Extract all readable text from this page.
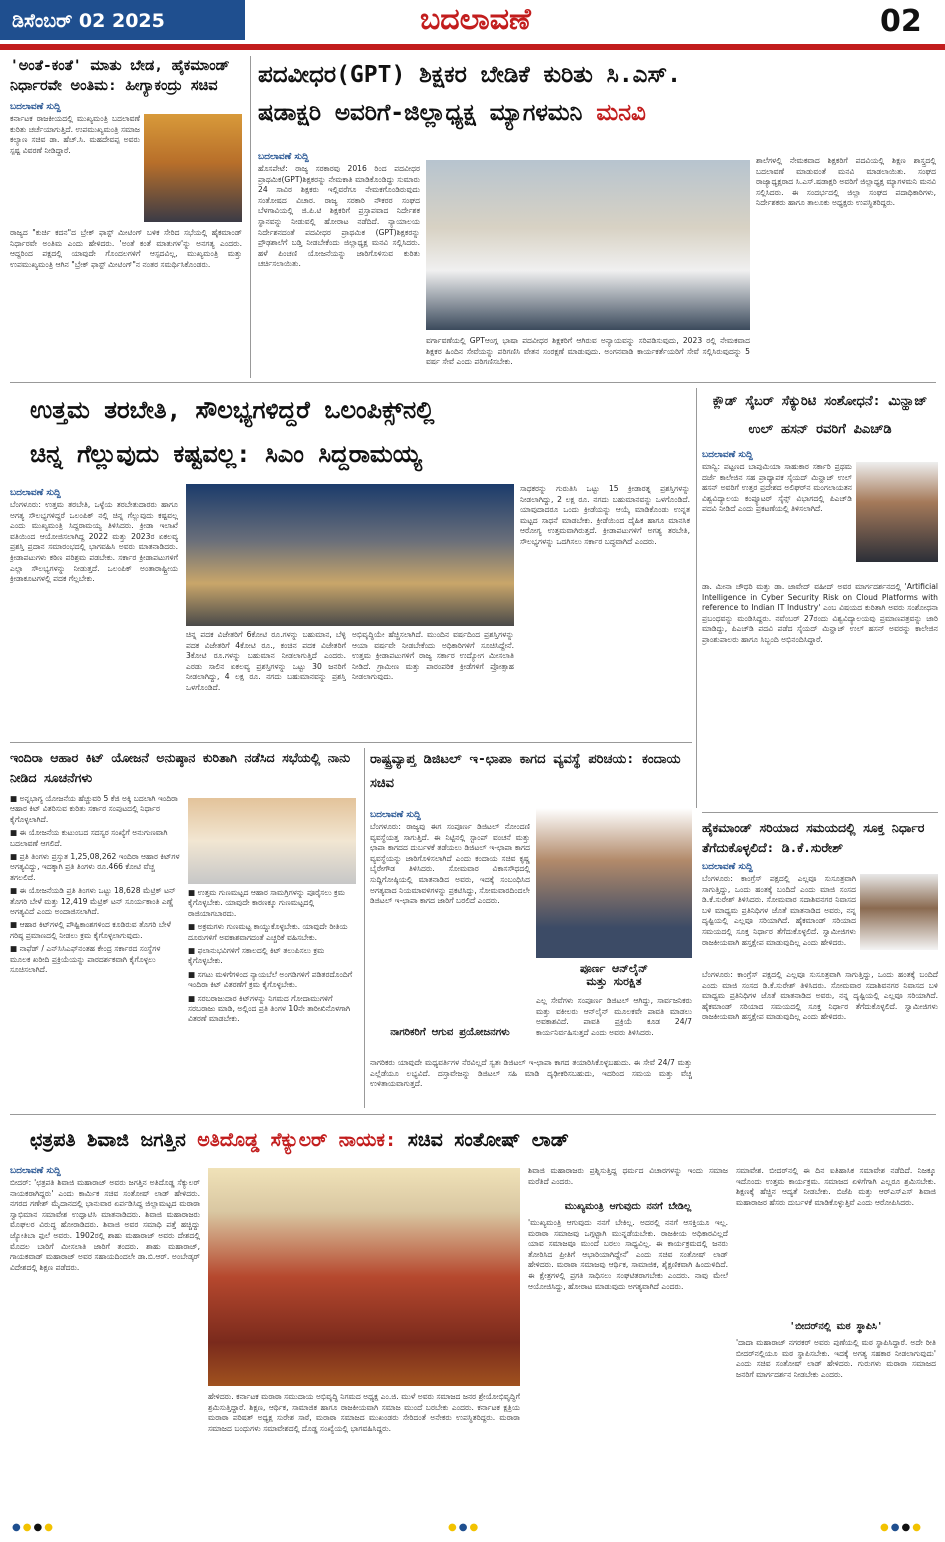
ಡಿಸೆಂಬರ್ 02 2025	ಬದಲಾವಣೆ	02
'ಅಂತೆ-ಕಂತೆ' ಮಾತು ಬೇಡ, ಹೈಕಮಾಂಡ್ ನಿರ್ಧಾರವೇ ಅಂತಿಮ: ಹೀಗ್ಯಾಕಂದ್ರು ಸಚಿವ
ಬದಲಾವಣೆ ಸುದ್ದಿ
ಕರ್ನಾಟಕ ರಾಜಕೀಯದಲ್ಲಿ ಮುಖ್ಯಮಂತ್ರಿ ಬದಲಾವಣೆ ಕುರಿತು ಚರ್ಚೆಯಾಗುತ್ತಿದೆ. ಉಪಮುಖ್ಯಮಂತ್ರಿ ಸಮಾಜ ಕಲ್ಯಾಣ ಸಚಿವ ಡಾ. ಹೆಚ್.ಸಿ. ಮಹದೇವಪ್ಪ ಅವರು ಸ್ಪಷ್ಟ ವಿವರಣೆ ನೀಡಿದ್ದಾರೆ.
ರಾಜ್ಯದ "ಕುರ್ಚಿ ಕದನ"ದ ಬ್ರೇಕ್ ಫಾಸ್ಟ್ ಮೀಟಿಂಗ್ ಬಳಿಕ ಸೇರಿದ ಸಭೆಯಲ್ಲಿ ಹೈಕಮಾಂಡ್ ನಿರ್ಧಾರವೇ ಅಂತಿಮ ಎಂದು ಹೇಳಿದರು. 'ಅಂತೆ ಕಂತೆ ಮಾತುಗಳ'ನ್ನು ಅನಗತ್ಯ ಎಂದರು. ಆದ್ದರಿಂದ ಪಕ್ಷದಲ್ಲಿ ಯಾವುದೇ ಗೊಂದಲಗಳಿಗೆ ಆಸ್ಪದವಿಲ್ಲ, ಮುಖ್ಯಮಂತ್ರಿ ಮತ್ತು ಉಪಮುಖ್ಯಮಂತ್ರಿ ಆಗಿನ "ಬ್ರೇಕ್ ಫಾಸ್ಟ್ ಮೀಟಿಂಗ್"ನ ನಂತರ ಸಮರ್ಥಿಸಿಕೊಂಡರು.
ಪದವೀಧರ(GPT) ಶಿಕ್ಷಕರ ಬೇಡಿಕೆ ಕುರಿತು ಸಿ.ಎಸ್.
ಷಡಾಕ್ಷರಿ ಅವರಿಗೆ-ಜಿಲ್ಲಾಧ್ಯಕ್ಷ ಮ್ಯಾಗಳಮನಿ ಮನವಿ
ಬದಲಾವಣೆ ಸುದ್ದಿ
ಹೊಸಪೇಟೆ: ರಾಜ್ಯ ಸರಕಾರವು 2016 ರಿಂದ ಪದವೀಧರ ಪ್ರಾಥಮಿಕ(GPT)ಶಿಕ್ಷಕರನ್ನು ನೇಮಕಾತಿ ಮಾಡಿಕೊಂಡಿದ್ದು ಸುಮಾರು 24 ಸಾವಿರ ಶಿಕ್ಷಕರು ಇಲ್ಲಿವರೆಗೂ ನೇಮಕಗೊಂಡಿರುವುದು ಸಂತೋಷದ ವಿಚಾರ. ರಾಜ್ಯ ಸರಕಾರಿ ನೌಕರರ ಸಂಘದ ಬೆಳಗಾವಿಯಲ್ಲಿ ಜಿ.ಪಿ.ಟಿ ಶಿಕ್ಷಕರಿಗೆ ಪ್ರಸ್ತಾಪವಾದ ನಿರ್ದೇಶಕ ಸ್ಥಾನವನ್ನು ನೀಡುವಲ್ಲಿ ಹೋರಾಟ ನಡೆದಿದೆ. ನ್ಯಾಯಾಲಯ ನಿರ್ದೇಶನದಂತೆ ಪದವೀಧರ ಪ್ರಾಥಮಿಕ (GPT)ಶಿಕ್ಷಕರನ್ನು ಪ್ರೌಢಶಾಲೆಗೆ ಬಡ್ತಿ ನೀಡಬೇಕೆಂದು ಜಿಲ್ಲಾಧ್ಯಕ್ಷ ಮನವಿ ಸಲ್ಲಿಸಿದರು. ಹಳೆ ಪಿಂಚಣಿ ಯೋಜನೆಯನ್ನು ಜಾರಿಗೊಳಿಸುವ ಕುರಿತು ಚರ್ಚಿಸಲಾಯಿತು.
ವರ್ಗಾವಣೆಯಲ್ಲಿ GPTಆಂಗ್ಲ ಭಾಷಾ ಪದವೀಧರ ಶಿಕ್ಷಕರಿಗೆ ಆಗಿರುವ ಅನ್ಯಾಯವನ್ನು ಸರಿಪಡಿಸುವುದು, 2023 ರಲ್ಲಿ ನೇಮಕವಾದ ಶಿಕ್ಷಕರ ಹಿಂದಿನ ಸೇವೆಯನ್ನು ಪರಿಗಣಿಸಿ ವೇತನ ಸಂರಕ್ಷಣೆ ಮಾಡುವುದು. ಅಂಗನವಾಡಿ ಕಾರ್ಯಕರ್ತೆಯರಿಗೆ ಸೇವೆ ಸಲ್ಲಿಸಿರುವುದನ್ನು 5 ವರ್ಷ ಸೇವೆ ಎಂದು ಪರಿಗಣಿಸಬೇಕು.
ಶಾಲೆಗಳಲ್ಲಿ ನೇಮಕವಾದ ಶಿಕ್ಷಕರಿಗೆ ಪದವಿಯಲ್ಲಿ ಶಿಕ್ಷಣ ಶಾಸ್ತ್ರದಲ್ಲಿ ಬದಲಾವಣೆ ಮಾಡುವಂತೆ ಮನವಿ ಮಾಡಲಾಯಿತು. ಸಂಘದ ರಾಜ್ಯಾಧ್ಯಕ್ಷರಾದ ಸಿ.ಎಸ್.ಷಡಾಕ್ಷರಿ ಅವರಿಗೆ ಜಿಲ್ಲಾಧ್ಯಕ್ಷ ಮ್ಯಾಗಳಮನಿ ಮನವಿ ಸಲ್ಲಿಸಿದರು. ಈ ಸಂದರ್ಭದಲ್ಲಿ ಜಿಲ್ಲಾ ಸಂಘದ ಪದಾಧಿಕಾರಿಗಳು, ನಿರ್ದೇಶಕರು ಹಾಗೂ ತಾಲೂಕು ಅಧ್ಯಕ್ಷರು ಉಪಸ್ಥಿತರಿದ್ದರು.
ಉತ್ತಮ ತರಬೇತಿ, ಸೌಲಭ್ಯಗಳಿದ್ದರೆ ಒಲಂಪಿಕ್ಸ್‌ನಲ್ಲಿ
ಚಿನ್ನ ಗೆಲ್ಲುವುದು ಕಷ್ಟವಲ್ಲ: ಸಿಎಂ ಸಿದ್ದರಾಮಯ್ಯ
ಬದಲಾವಣೆ ಸುದ್ದಿ
ಬೆಂಗಳೂರು: ಉತ್ತಮ ತರಬೇತಿ, ಒಳ್ಳೆಯ ತರಬೇತುದಾರರು ಹಾಗೂ ಅಗತ್ಯ ಸೌಲಭ್ಯಗಳಿದ್ದರೆ ಒಲಂಪಿಕ್ ನಲ್ಲಿ ಚಿನ್ನ ಗೆಲ್ಲುವುದು ಕಷ್ಟವಲ್ಲ ಎಂದು ಮುಖ್ಯಮಂತ್ರಿ ಸಿದ್ದರಾಮಯ್ಯ ತಿಳಿಸಿದರು. ಕ್ರೀಡಾ ಇಲಾಖೆ ವತಿಯಿಂದ ಆಯೋಜಿಸಲಾಗಿದ್ದ 2022 ಮತ್ತು 2023ರ ಏಕಲವ್ಯ ಪ್ರಶಸ್ತಿ ಪ್ರದಾನ ಸಮಾರಂಭದಲ್ಲಿ ಭಾಗವಹಿಸಿ ಅವರು ಮಾತನಾಡಿದರು. ಕ್ರೀಡಾಪಟುಗಳು ಕಠಿಣ ಪರಿಶ್ರಮ ಪಡಬೇಕು. ಸರ್ಕಾರ ಕ್ರೀಡಾಪಟುಗಳಿಗೆ ಎಲ್ಲಾ ಸೌಲಭ್ಯಗಳನ್ನು ನೀಡುತ್ತದೆ. ಒಲಂಪಿಕ್ ಅಂತಾರಾಷ್ಟ್ರೀಯ ಕ್ರೀಡಾಕೂಟಗಳಲ್ಲಿ ಪದಕ ಗೆಲ್ಲಬೇಕು.
ಚಿನ್ನ ಪದಕ ವಿಜೇತರಿಗೆ 6ಕೋಟಿ ರೂ.ಗಳನ್ನು ಬಹುಮಾನ, ಬೆಳ್ಳಿ ಪದಕ ವಿಜೇತರಿಗೆ 4ಕೋಟಿ ರೂ., ಕಂಚಿನ ಪದಕ ವಿಜೇತರಿಗೆ 3ಕೋಟಿ ರೂ.ಗಳನ್ನು ಬಹುಮಾನ ನೀಡಲಾಗುತ್ತಿದೆ ಎಂದರು. ಎರಡು ಸಾಲಿನ ಏಕಲವ್ಯ ಪ್ರಶಸ್ತಿಗಳನ್ನು ಒಟ್ಟು 30 ಜನರಿಗೆ ನೀಡಲಾಗಿದ್ದು, 4 ಲಕ್ಷ ರೂ. ನಗದು ಬಹುಮಾನವನ್ನು ಪ್ರಶಸ್ತಿ ಒಳಗೊಂಡಿದೆ.
ಅಭಿವೃದ್ಧಿಯೇ ಹೆಚ್ಚಿಸಲಾಗಿದೆ. ಮುಂದಿನ ವರ್ಷದಿಂದ ಪ್ರಶಸ್ತಿಗಳನ್ನು ಆಯಾ ವರ್ಷವೇ ನೀಡಬೇಕೆಂದು ಅಧಿಕಾರಿಗಳಿಗೆ ಸೂಚಿಸಿದ್ದೇನೆ. ಉತ್ತಮ ಕ್ರೀಡಾಪಟುಗಳಿಗೆ ರಾಜ್ಯ ಸರ್ಕಾರ ಉದ್ಯೋಗ ಮೀಸಲಾತಿ ನೀಡಿದೆ. ಗ್ರಾಮೀಣ ಮತ್ತು ಪಾರಂಪರಿಕ ಕ್ರೀಡೆಗಳಿಗೆ ಪ್ರೋತ್ಸಾಹ ನೀಡಲಾಗುವುದು.
ಸಾಧಕರನ್ನು ಗುರುತಿಸಿ ಒಟ್ಟು 15 ಕ್ರೀಡಾರತ್ನ ಪ್ರಶಸ್ತಿಗಳನ್ನು ನೀಡಲಾಗಿದ್ದು, 2 ಲಕ್ಷ ರೂ. ನಗದು ಬಹುಮಾನವನ್ನು ಒಳಗೊಂಡಿದೆ. ಯಾವುದಾದರೂ ಒಂದು ಕ್ರೀಡೆಯನ್ನು ಆಯ್ಕೆ ಮಾಡಿಕೊಂಡು ಉನ್ನತ ಮಟ್ಟದ ಸಾಧನೆ ಮಾಡಬೇಕು. ಕ್ರೀಡೆಯಿಂದ ದೈಹಿಕ ಹಾಗೂ ಮಾನಸಿಕ ಆರೋಗ್ಯ ಉತ್ತಮವಾಗಿರುತ್ತದೆ. ಕ್ರೀಡಾಪಟುಗಳಿಗೆ ಅಗತ್ಯ ತರಬೇತಿ, ಸೌಲಭ್ಯಗಳನ್ನು ಒದಗಿಸಲು ಸರ್ಕಾರ ಬದ್ಧವಾಗಿದೆ ಎಂದರು.
ಕ್ಲೌಡ್ ಸೈಬರ್ ಸೆಕ್ಯುರಿಟಿ ಸಂಶೋಧನೆ: ಮಿನ್ಹಾಜ್ ಉಲ್ ಹಸನ್ ರವರಿಗೆ ಪಿಎಚ್‌ಡಿ
ಬದಲಾವಣೆ ಸುದ್ದಿ
ಮಾನ್ವಿ: ಪಟ್ಟಣದ ಬಾಪುಮಿಯಾ ಸಾಹುಕಾರ ಸರ್ಕಾರಿ ಪ್ರಥಮ ದರ್ಜೆ ಕಾಲೇಜಿನ ಸಹ ಪ್ರಾಧ್ಯಾಪಕ ಸೈಯದ್ ಮಿನ್ಹಾಜ್ ಉಲ್ ಹಸನ್ ಅವರಿಗೆ ಉತ್ತರ ಪ್ರದೇಶದ ಅಲಿಘರ್‌ನ ಮಂಗಲಾಯತನ ವಿಶ್ವವಿದ್ಯಾಲಯ ಕಂಪ್ಯೂಟರ್ ಸೈನ್ಸ್ ವಿಭಾಗದಲ್ಲಿ ಪಿಎಚ್‌ಡಿ ಪದವಿ ನೀಡಿದೆ ಎಂದು ಪ್ರಕಟಣೆಯಲ್ಲಿ ತಿಳಿಸಲಾಗಿದೆ.
ಡಾ. ಮೀನಾ ಚೌಧರಿ ಮತ್ತು ಡಾ. ಜಾವೇದ್ ವಹೀದ್ ಅವರ ಮಾರ್ಗದರ್ಶನದಲ್ಲಿ 'Artificial Intelligence in Cyber Security Risk on Cloud Platforms with reference to Indian IT Industry' ಎಂಬ ವಿಷಯದ ಕುರಿತಾಗಿ ಅವರು ಸಂಶೋಧನಾ ಪ್ರಬಂಧವನ್ನು ಮಂಡಿಸಿದ್ದರು. ನವೆಂಬರ್ 27ರಂದು ವಿಶ್ವವಿದ್ಯಾಲಯವು ಪ್ರಮಾಣಪತ್ರವನ್ನು ಜಾರಿ ಮಾಡಿದ್ದು, ಪಿಎಚ್‌ಡಿ ಪದವಿ ಪಡೆದ ಸೈಯದ್ ಮಿನ್ಹಾಜ್ ಉಲ್ ಹಸನ್ ಅವರನ್ನು ಕಾಲೇಜಿನ ಪ್ರಾಂಶುಪಾಲರು ಹಾಗೂ ಸಿಬ್ಬಂದಿ ಅಭಿನಂದಿಸಿದ್ದಾರೆ.
ಇಂದಿರಾ ಆಹಾರ ಕಿಟ್ ಯೋಜನೆ ಅನುಷ್ಠಾನ ಕುರಿತಾಗಿ ನಡೆಸಿದ ಸಭೆಯಲ್ಲಿ ನಾನು ನೀಡಿದ ಸೂಚನೆಗಳು
■ ಅನ್ನಭಾಗ್ಯ ಯೋಜನೆಯ ಹೆಚ್ಚುವರಿ 5 ಕೆಜಿ ಅಕ್ಕಿ ಬದಲಾಗಿ ಇಂದಿರಾ ಆಹಾರ ಕಿಟ್ ವಿತರಿಸುವ ಕುರಿತು ಸರ್ಕಾರ ಸಂಪುಟದಲ್ಲಿ ನಿರ್ಧಾರ ಕೈಗೊಳ್ಳಲಾಗಿದೆ.
■ ಈ ಯೋಜನೆಯ ಕುಟುಂಬದ ಸದಸ್ಯರ ಸಂಖ್ಯೆಗೆ ಅನುಗುಣವಾಗಿ ಬದಲಾವಣೆ ಆಗಲಿದೆ.
■ ಪ್ರತಿ ತಿಂಗಳು ಪ್ರಸ್ತುತ 1,25,08,262 ಇಂದಿರಾ ಆಹಾರ ಕಿಟ್‌ಗಳ ಅಗತ್ಯವಿದ್ದು, ಇದಕ್ಕಾಗಿ ಪ್ರತಿ ತಿಂಗಳು ರೂ.466 ಕೋಟಿ ವೆಚ್ಚ ತಗಲಲಿದೆ.
■ ಈ ಯೋಜನೆಯಡಿ ಪ್ರತಿ ತಿಂಗಳು ಒಟ್ಟು 18,628 ಮೆಟ್ರಿಕ್ ಟನ್ ತೊಗರಿ ಬೇಳೆ ಮತ್ತು 12,419 ಮೆಟ್ರಿಕ್ ಟನ್ ಸೂರ್ಯಕಾಂತಿ ಎಣ್ಣೆ ಅಗತ್ಯವಿದೆ ಎಂದು ಅಂದಾಜಿಸಲಾಗಿದೆ.
■ ಆಹಾರ ಕಿಟ್‌ಗಳಲ್ಲಿ ಪೌಷ್ಟಿಕಾಂಶಗಳಿಂದ ಕೂಡಿರುವ ತೊಗರಿ ಬೇಳೆ ಗರಿಷ್ಠ ಪ್ರಮಾಣದಲ್ಲಿ ನೀಡಲು ಕ್ರಮ ಕೈಗೊಳ್ಳಲಾಗುವುದು.
■ ನಾಫೆಡ್ / ಎನ್‌ಸಿಸಿಎಫ್‌ನಂತಹ ಕೇಂದ್ರ ಸರ್ಕಾರದ ಸಂಸ್ಥೆಗಳ ಮೂಲಕ ಖರೀದಿ ಪ್ರಕ್ರಿಯೆಯನ್ನು ಪಾರದರ್ಶಕವಾಗಿ ಕೈಗೊಳ್ಳಲು ಸೂಚಿಸಲಾಗಿದೆ.
■ ಉತ್ತಮ ಗುಣಮಟ್ಟದ ಆಹಾರ ಸಾಮಗ್ರಿಗಳನ್ನು ಪೂರೈಸಲು ಕ್ರಮ ಕೈಗೊಳ್ಳಬೇಕು. ಯಾವುದೇ ಕಾರಣಕ್ಕೂ ಗುಣಮಟ್ಟದಲ್ಲಿ ರಾಜಿಯಾಗಬಾರದು.
■ ಅಕ್ರಮಗಳು ಗುಣಮಟ್ಟ ಕಾಯ್ದುಕೊಳ್ಳಬೇಕು. ಯಾವುದೇ ರೀತಿಯ ದೂರುಗಳಿಗೆ ಅವಕಾಶವಾಗದಂತೆ ಎಚ್ಚರಿಕೆ ವಹಿಸಬೇಕು.
■ ಫಲಾನುಭವಿಗಳಿಗೆ ಸಕಾಲದಲ್ಲಿ ಕಿಟ್ ತಲುಪಿಸಲು ಕ್ರಮ ಕೈಗೊಳ್ಳಬೇಕು.
■ ಸಗಟು ಮಳಿಗೆಗಳಿಂದ ನ್ಯಾಯಬೆಲೆ ಅಂಗಡಿಗಳಿಗೆ ಪಡಿತರದೊಂದಿಗೆ ಇಂದಿರಾ ಕಿಟ್ ವಿತರಣೆಗೆ ಕ್ರಮ ಕೈಗೊಳ್ಳಬೇಕು.
■ ಸರಬರಾಜುದಾರ ಕಿಟ್‌ಗಳನ್ನು ನಿಗಮದ ಗೋದಾಮುಗಳಿಗೆ ಸರಬರಾಜು ಮಾಡಿ, ಅಲ್ಲಿಂದ ಪ್ರತಿ ತಿಂಗಳ 10ನೇ ತಾರೀಖಿನೊಳಗಾಗಿ ವಿತರಣೆ ಮಾಡಬೇಕು.
ರಾಷ್ಟ್ರವ್ಯಾಪ್ತ ಡಿಜಿಟಲ್ ಇ-ಛಾಪಾ ಕಾಗದ ವ್ಯವಸ್ಥೆ ಪರಿಚಯ: ಕಂದಾಯ ಸಚಿವ
ಬದಲಾವಣೆ ಸುದ್ದಿ
ಬೆಂಗಳೂರು: ರಾಜ್ಯವು ಈಗ ಸಂಪೂರ್ಣ ಡಿಜಿಟಲ್ ನೋಂದಣಿ ವ್ಯವಸ್ಥೆಯತ್ತ ಸಾಗುತ್ತಿದೆ. ಈ ನಿಟ್ಟಿನಲ್ಲಿ ಸ್ಟಾಂಪ್ ವಂಚನೆ ಮತ್ತು ಛಾಪಾ ಕಾಗದದ ದುರ್ಬಳಕೆ ತಡೆಯಲು ಡಿಜಿಟಲ್ ಇ-ಛಾಪಾ ಕಾಗದ ವ್ಯವಸ್ಥೆಯನ್ನು ಜಾರಿಗೊಳಿಸಲಾಗಿದೆ ಎಂದು ಕಂದಾಯ ಸಚಿವ ಕೃಷ್ಣ ಬೈರೇಗೌಡ ತಿಳಿಸಿದರು. ಸೋಮವಾರ ವಿಕಾಸಸೌಧದಲ್ಲಿ ಸುದ್ದಿಗೋಷ್ಠಿಯಲ್ಲಿ ಮಾತನಾಡಿದ ಅವರು, ಇದಕ್ಕೆ ಸಂಬಂಧಿಸಿದ ಅಗತ್ಯವಾದ ನಿಯಮಾವಳಿಗಳನ್ನು ಪ್ರಕಟಿಸಿದ್ದು, ಸೋಮವಾರದಿಂದಲೇ ಡಿಜಿಟಲ್ ಇ-ಛಾಪಾ ಕಾಗದ ಜಾರಿಗೆ ಬರಲಿದೆ ಎಂದರು.
ಪೂರ್ಣ ಆನ್‌ಲೈನ್
ಮತ್ತು ಸುರಕ್ಷಿತ
ಎಲ್ಲ ಸೇವೆಗಳು ಸಂಪೂರ್ಣ ಡಿಜಿಟಲ್ ಆಗಿದ್ದು, ಸಾರ್ವಜನಿಕರು ಮತ್ತು ವಕೀಲರು ಆನ್‌ಲೈನ್ ಮೂಲಕವೇ ಪಾವತಿ ಮಾಡಲು ಅವಕಾಶವಿದೆ. ಪಾವತಿ ಪ್ರಕ್ರಿಯೆ ಕೂಡ 24/7 ಕಾರ್ಯನಿರ್ವಹಿಸುತ್ತದೆ ಎಂದು ಅವರು ತಿಳಿಸಿದರು.
ನಾಗರಿಕರಿಗೆ ಆಗುವ ಪ್ರಯೋಜನಗಳು
ನಾಗರಿಕರು ಯಾವುದೇ ಮಧ್ಯವರ್ತಿಗಳ ನೆರವಿಲ್ಲದೆ ಸ್ವತಃ ಡಿಜಿಟಲ್ ಇ-ಛಾಪಾ ಕಾಗದ ತಯಾರಿಸಿಕೊಳ್ಳಬಹುದು. ಈ ಸೇವೆ 24/7 ಮತ್ತು ಎಲ್ಲೆಡೆಯೂ ಲಭ್ಯವಿದೆ. ದಸ್ತಾವೇಜನ್ನು ಡಿಜಿಟಲ್ ಸಹಿ ಮಾಡಿ ದೃಢೀಕರಿಸಬಹುದು, ಇದರಿಂದ ಸಮಯ ಮತ್ತು ವೆಚ್ಚ ಉಳಿತಾಯವಾಗುತ್ತದೆ.
ಹೈಕಮಾಂಡ್ ಸರಿಯಾದ ಸಮಯದಲ್ಲಿ ಸೂಕ್ತ ನಿರ್ಧಾರ ತೆಗೆದುಕೊಳ್ಳಲಿದೆ: ಡಿ.ಕೆ.ಸುರೇಶ್
ಬದಲಾವಣೆ ಸುದ್ದಿ
ಬೆಂಗಳೂರು: ಕಾಂಗ್ರೆಸ್ ಪಕ್ಷದಲ್ಲಿ ಎಲ್ಲವೂ ಸುಸೂತ್ರವಾಗಿ ಸಾಗುತ್ತಿದ್ದು, ಒಂದು ಹಂತಕ್ಕೆ ಬಂದಿದೆ ಎಂದು ಮಾಜಿ ಸಂಸದ ಡಿ.ಕೆ.ಸುರೇಶ್ ತಿಳಿಸಿದರು. ಸೋಮವಾರ ಸದಾಶಿವನಗರ ನಿವಾಸದ ಬಳಿ ಮಾಧ್ಯಮ ಪ್ರತಿನಿಧಿಗಳ ಜೊತೆ ಮಾತನಾಡಿದ ಅವರು, ನನ್ನ ದೃಷ್ಟಿಯಲ್ಲಿ ಎಲ್ಲವೂ ಸರಿಯಾಗಿದೆ. ಹೈಕಮಾಂಡ್ ಸರಿಯಾದ ಸಮಯದಲ್ಲಿ ಸೂಕ್ತ ನಿರ್ಧಾರ ತೆಗೆದುಕೊಳ್ಳಲಿದೆ. ಸ್ವಾಮೀಜಿಗಳು ರಾಜಕೀಯವಾಗಿ ಹಸ್ತಕ್ಷೇಪ ಮಾಡುವುದಿಲ್ಲ ಎಂದು ಹೇಳಿದರು.
ಬೆಂಗಳೂರು: ಕಾಂಗ್ರೆಸ್ ಪಕ್ಷದಲ್ಲಿ ಎಲ್ಲವೂ ಸುಸೂತ್ರವಾಗಿ ಸಾಗುತ್ತಿದ್ದು, ಒಂದು ಹಂತಕ್ಕೆ ಬಂದಿದೆ ಎಂದು ಮಾಜಿ ಸಂಸದ ಡಿ.ಕೆ.ಸುರೇಶ್ ತಿಳಿಸಿದರು. ಸೋಮವಾರ ಸದಾಶಿವನಗರ ನಿವಾಸದ ಬಳಿ ಮಾಧ್ಯಮ ಪ್ರತಿನಿಧಿಗಳ ಜೊತೆ ಮಾತನಾಡಿದ ಅವರು, ನನ್ನ ದೃಷ್ಟಿಯಲ್ಲಿ ಎಲ್ಲವೂ ಸರಿಯಾಗಿದೆ. ಹೈಕಮಾಂಡ್ ಸರಿಯಾದ ಸಮಯದಲ್ಲಿ ಸೂಕ್ತ ನಿರ್ಧಾರ ತೆಗೆದುಕೊಳ್ಳಲಿದೆ. ಸ್ವಾಮೀಜಿಗಳು ರಾಜಕೀಯವಾಗಿ ಹಸ್ತಕ್ಷೇಪ ಮಾಡುವುದಿಲ್ಲ ಎಂದು ಹೇಳಿದರು.
ಛತ್ರಪತಿ ಶಿವಾಜಿ ಜಗತ್ತಿನ ಅತಿದೊಡ್ಡ ಸೆಕ್ಯುಲರ್ ನಾಯಕ: ಸಚಿವ ಸಂತೋಷ್ ಲಾಡ್
ಬದಲಾವಣೆ ಸುದ್ದಿ
ಬೀದರ್: 'ಛತ್ರಪತಿ ಶಿವಾಜಿ ಮಹಾರಾಜ್ ಅವರು ಜಗತ್ತಿನ ಅತಿದೊಡ್ಡ ಸೆಕ್ಯುಲರ್ ನಾಯಕರಾಗಿದ್ದರು' ಎಂದು ಕಾರ್ಮಿಕ ಸಚಿವ ಸಂತೋಷ್ ಲಾಡ್ ಹೇಳಿದರು. ನಗರದ ಗಣೇಶ್ ಮೈದಾನದಲ್ಲಿ ಭಾನುವಾರ ಏರ್ಪಡಿಸಿದ್ದ ಜಿಲ್ಲಾಮಟ್ಟದ ಮರಾಠಾ ಸ್ವಾಭಿಮಾನ ಸಮಾವೇಶ ಉದ್ಘಾಟಿಸಿ ಮಾತನಾಡಿದರು. ಶಿವಾಜಿ ಮಹಾರಾಜರು ಮೊಘಲರ ವಿರುದ್ಧ ಹೋರಾಡಿದರು. ಶಿವಾಜಿ ಅವರ ಸಮಾಧಿ ಪತ್ತೆ ಹಚ್ಚಿದ್ದು ಜ್ಯೋತಿಬಾ ಫುಲೆ ಅವರು. 1902ರಲ್ಲಿ ಶಾಹು ಮಹಾರಾಜ್ ಅವರು ದೇಶದಲ್ಲಿ ಮೊದಲ ಬಾರಿಗೆ ಮೀಸಲಾತಿ ಜಾರಿಗೆ ತಂದರು. ಶಾಹು ಮಹಾರಾಜ್, ಗಾಯಕವಾಡ್ ಮಹಾರಾಜ್ ಅವರ ಸಹಾಯದಿಂದಲೇ ಡಾ.ಬಿ.ಆರ್. ಅಂಬೇಡ್ಕರ್ ವಿದೇಶದಲ್ಲಿ ಶಿಕ್ಷಣ ಪಡೆದರು.
ಹೇಳಿದರು. ಕರ್ನಾಟಕ ಮರಾಠಾ ಸಮುದಾಯ ಅಭಿವೃದ್ಧಿ ನಿಗಮದ ಅಧ್ಯಕ್ಷ ಎಂ.ಜಿ. ಮುಳೆ ಅವರು ಸಮಾಜದ ಜನರ ಶ್ರೇಯೋಭಿವೃದ್ಧಿಗೆ ಶ್ರಮಿಸುತ್ತಿದ್ದಾರೆ. ಶಿಕ್ಷಣ, ಆರ್ಥಿಕ, ಸಾಮಾಜಿಕ ಹಾಗೂ ರಾಜಕೀಯವಾಗಿ ಸಮಾಜ ಮುಂದೆ ಬರಬೇಕು ಎಂದರು. ಕರ್ನಾಟಕ ಕ್ಷತ್ರಿಯ ಮರಾಠಾ ಪರಿಷತ್ ಅಧ್ಯಕ್ಷ ಸುರೇಶ ಸಾಠೆ, ಮರಾಠಾ ಸಮಾಜದ ಮುಖಂಡರು ಸೇರಿದಂತೆ ಅನೇಕರು ಉಪಸ್ಥಿತರಿದ್ದರು. ಮರಾಠಾ ಸಮಾಜದ ಬಂಧುಗಳು ಸಮಾವೇಶದಲ್ಲಿ ದೊಡ್ಡ ಸಂಖ್ಯೆಯಲ್ಲಿ ಭಾಗವಹಿಸಿದ್ದರು.
ಶಿವಾಜಿ ಮಹಾರಾಜರು ಪ್ರಶ್ನಿಸುತ್ತಿದ್ದ ಧರ್ಮದ ವಿಚಾರಗಳನ್ನು ಇಂದು ಸಮಾಜ ಮರೆತಿದೆ ಎಂದರು.
ಮುಖ್ಯಮಂತ್ರಿ ಆಗುವುದು ನನಗೆ ಬೇಡಿಲ್ಲ
'ಮುಖ್ಯಮಂತ್ರಿ ಆಗುವುದು ನನಗೆ ಬೇಕಿಲ್ಲ. ಅದರಲ್ಲಿ ನನಗೆ ಆಸಕ್ತಿಯೂ ಇಲ್ಲ. ಮರಾಠಾ ಸಮಾಜವು ಒಗ್ಗಟ್ಟಾಗಿ ಮುನ್ನಡೆಯಬೇಕು. ರಾಜಕೀಯ ಅಧಿಕಾರವಿಲ್ಲದೆ ಯಾವ ಸಮಾಜವೂ ಮುಂದೆ ಬರಲು ಸಾಧ್ಯವಿಲ್ಲ. ಈ ಕಾರ್ಯಕ್ರಮದಲ್ಲಿ ಜನರು ತೋರಿಸಿದ ಪ್ರೀತಿಗೆ ಆಭಾರಿಯಾಗಿದ್ದೇನೆ' ಎಂದು ಸಚಿವ ಸಂತೋಷ್ ಲಾಡ್ ಹೇಳಿದರು. ಮರಾಠಾ ಸಮಾಜವು ಆರ್ಥಿಕ, ಸಾಮಾಜಿಕ, ಶೈಕ್ಷಣಿಕವಾಗಿ ಹಿಂದುಳಿದಿದೆ. ಈ ಕ್ಷೇತ್ರಗಳಲ್ಲಿ ಪ್ರಗತಿ ಸಾಧಿಸಲು ಸಂಘಟಿತರಾಗಬೇಕು ಎಂದರು. ನಾವು ಮೇಲೆ ಆಯೋಜಿಸಿದ್ದು, ಹೋರಾಟ ಮಾಡುವುದು ಅಗತ್ಯವಾಗಿದೆ ಎಂದರು.
ಸಮಾವೇಶ. ಬೀದರ್‌ನಲ್ಲಿ ಈ ದಿನ ಐತಿಹಾಸಿಕ ಸಮಾವೇಶ ನಡೆದಿದೆ. ನಿಜಕ್ಕೂ ಇದೊಂದು ಉತ್ತಮ ಕಾರ್ಯಕ್ರಮ. ಸಮಾಜದ ಏಳಿಗೆಗಾಗಿ ಎಲ್ಲರೂ ಶ್ರಮಿಸಬೇಕು. ಶಿಕ್ಷಣಕ್ಕೆ ಹೆಚ್ಚಿನ ಆದ್ಯತೆ ನೀಡಬೇಕು. ಬಿಜೆಪಿ ಮತ್ತು ಆರ್‌ಎಸ್‌ಎಸ್ ಶಿವಾಜಿ ಮಹಾರಾಜರ ಹೆಸರು ದುರ್ಬಳಕೆ ಮಾಡಿಕೊಳ್ಳುತ್ತಿವೆ ಎಂದು ಆರೋಪಿಸಿದರು.
'ಬೀದರ್‌ನಲ್ಲಿ ಮಠ ಸ್ಥಾಪಿಸಿ'
'ದಾದಾ ಮಹಾರಾಜ್ ನಗರಕರ್ ಅವರು ಪುಣೆಯಲ್ಲಿ ಮಠ ಸ್ಥಾಪಿಸಿದ್ದಾರೆ. ಅದೇ ರೀತಿ ಬೀದರ್‌ನಲ್ಲಿಯೂ ಮಠ ಸ್ಥಾಪಿಸಬೇಕು. ಇದಕ್ಕೆ ಅಗತ್ಯ ಸಹಕಾರ ನೀಡಲಾಗುವುದು' ಎಂದು ಸಚಿವ ಸಂತೋಷ್ ಲಾಡ್ ಹೇಳಿದರು. ಗುರುಗಳು ಮರಾಠಾ ಸಮಾಜದ ಜನರಿಗೆ ಮಾರ್ಗದರ್ಶನ ನೀಡಬೇಕು ಎಂದರು.
●●●●	●●●	●●●●
